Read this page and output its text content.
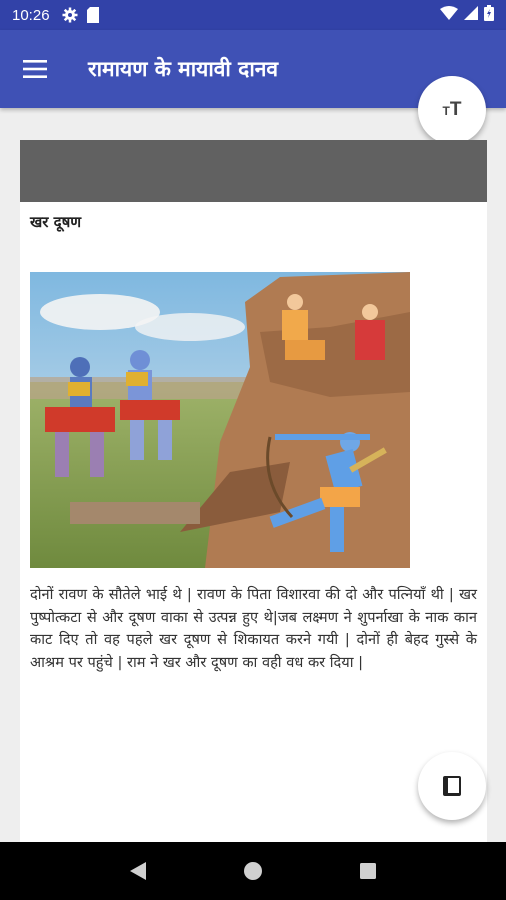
10:26
रामायण के मायावी दानव
TT
खर दूषण
दोनों रावण के सौतेले भाई थे | रावण के पिता विशारवा की दो और पत्नियाँ थी | खर पुष्पोत्कटा से और दूषण वाका से उत्पन्न हुए थे|जब लक्ष्मण ने शुपर्नाखा के नाक कान काट दिए तो वह पहले खर दूषण से शिकायत करने गयी | दोनों ही बेहद गुस्से के आश्रम पर पहुंचे | राम ने खर और दूषण का वही वध कर दिया |
